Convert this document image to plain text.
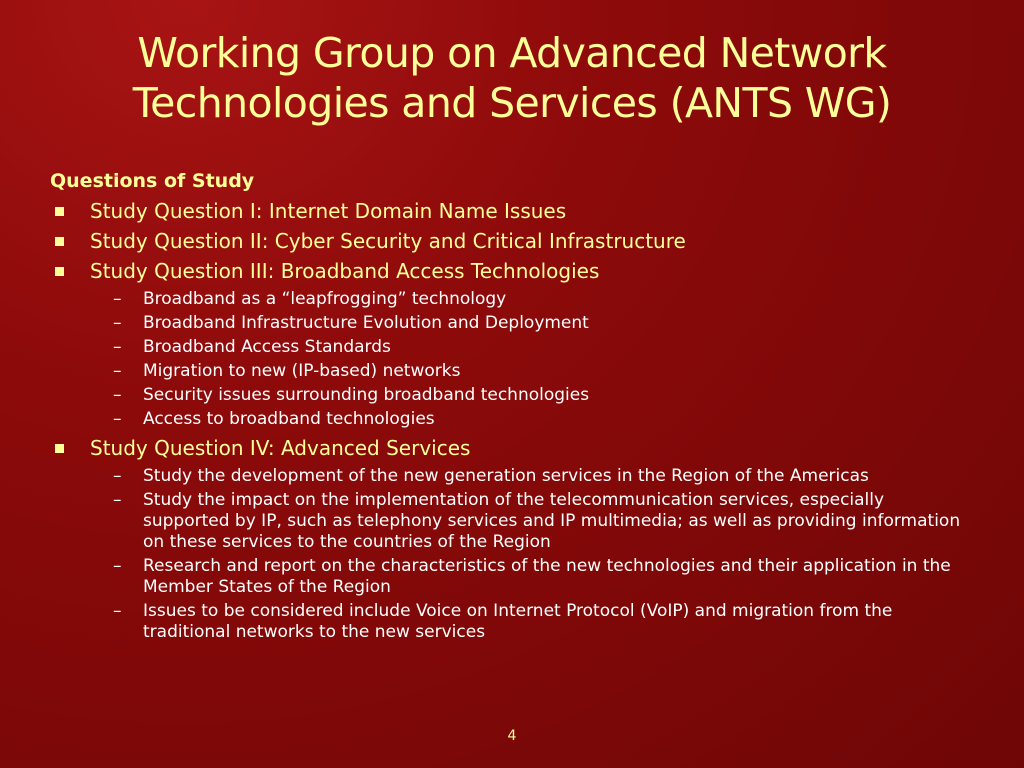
Working Group on Advanced Network
Technologies and Services (ANTS WG)
Questions of Study
Study Question I: Internet Domain Name Issues
Study Question II: Cyber Security and Critical Infrastructure
Study Question III: Broadband Access Technologies
– Broadband as a “leapfrogging” technology
– Broadband Infrastructure Evolution and Deployment
– Broadband Access Standards
– Migration to new (IP-based) networks
– Security issues surrounding broadband technologies
– Access to broadband technologies
Study Question IV: Advanced Services
– Study the development of the new generation services in the Region of the Americas
– Study the impact on the implementation of the telecommunication services, especially supported by IP, such as telephony services and IP multimedia; as well as providing information on these services to the countries of the Region
– Research and report on the characteristics of the new technologies and their application in the Member States of the Region
– Issues to be considered include Voice on Internet Protocol (VoIP) and migration from the traditional networks to the new services
4
